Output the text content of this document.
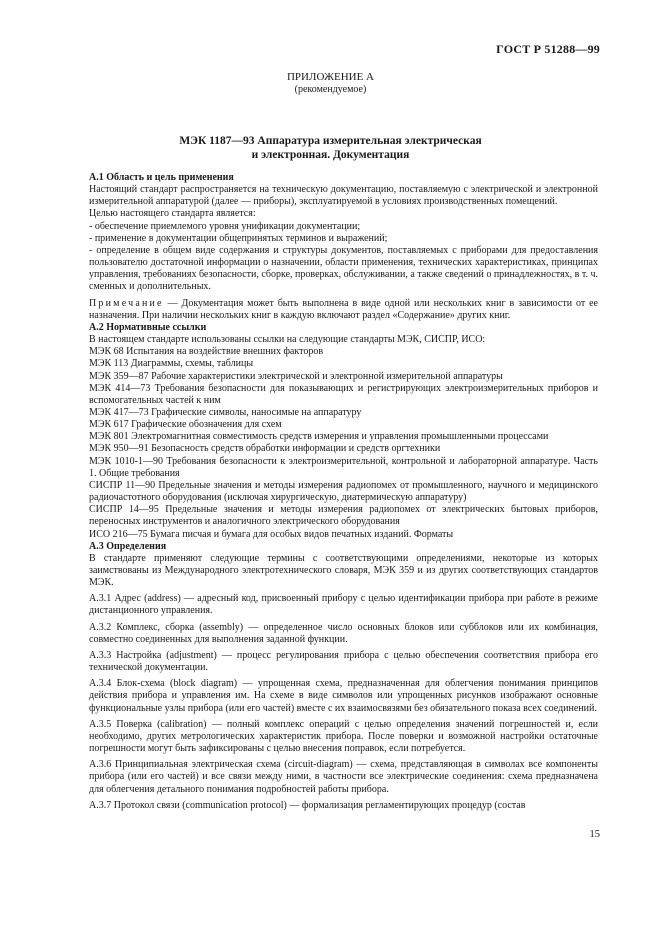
ГОСТ Р 51288—99
ПРИЛОЖЕНИЕ А
(рекомендуемое)
МЭК 1187—93 Аппаратура измерительная электрическая
и электронная. Документация

А.1 Область и цель применения

Настоящий стандарт распространяется на техническую документацию, поставляемую с электрической и электронной измерительной аппаратурой (далее — приборы), эксплуатируемой в условиях производственных помещений.

Целью настоящего стандарта является:

- обеспечение приемлемого уровня унификации документации;

- применение в документации общепринятых терминов и выражений;

- определение в общем виде содержания и структуры документов, поставляемых с приборами для предоставления пользователю достаточной информации о назначении, области применения, технических характеристиках, принципах управления, требованиях безопасности, сборке, проверках, обслуживании, а также сведений о принадлежностях, в т. ч. сменных и дополнительных.

Примечание — Документация может быть выполнена в виде одной или нескольких книг в зависимости от ее назначения. При наличии нескольких книг в каждую включают раздел «Содержание» других книг.

А.2 Нормативные ссылки

В настоящем стандарте использованы ссылки на следующие стандарты МЭК, СИСПР, ИСО:

МЭК 68 Испытания на воздействие внешних факторов

МЭК 113 Диаграммы, схемы, таблицы

МЭК 359—87 Рабочие характеристики электрической и электронной измерительной аппаратуры

МЭК 414—73 Требования безопасности для показывающих и регистрирующих электроизмерительных приборов и вспомогательных частей к ним

МЭК 417—73 Графические символы, наносимые на аппаратуру

МЭК 617 Графические обозначения для схем

МЭК 801 Электромагнитная совместимость средств измерения и управления промышленными процессами

МЭК 950—91 Безопасность средств обработки информации и средств оргтехники

МЭК 1010-1—90 Требования безопасности к электроизмерительной, контрольной и лабораторной аппаратуре. Часть 1. Общие требования

СИСПР 11—90 Предельные значения и методы измерения радиопомех от промышленного, научного и медицинского радиочастотного оборудования (исключая хирургическую, диатермическую аппаратуру)

СИСПР 14—95 Предельные значения и методы измерения радиопомех от электрических бытовых приборов, переносных инструментов и аналогичного электрического оборудования

ИСО 216—75 Бумага писчая и бумага для особых видов печатных изданий. Форматы

А.3 Определения

В стандарте применяют следующие термины с соответствующими определениями, некоторые из которых заимствованы из Международного электротехнического словаря, МЭК 359 и из других соответствующих стандартов МЭК.

А.3.1 Адрес (address) — адресный код, присвоенный прибору с целью идентификации прибора при работе в режиме дистанционного управления.

А.3.2 Комплекс, сборка (assembly) — определенное число основных блоков или субблоков или их комбинация, совместно соединенных для выполнения заданной функции.

А.3.3 Настройка (adjustment) — процесс регулирования прибора с целью обеспечения соответствия прибора его технической документации.

А.3.4 Блок-схема (block diagram) — упрощенная схема, предназначенная для облегчения понимания принципов действия прибора и управления им. На схеме в виде символов или упрощенных рисунков изображают основные функциональные узлы прибора (или его частей) вместе с их взаимосвязями без обязательного показа всех соединений.

А.3.5 Поверка (calibration) — полный комплекс операций с целью определения значений погрешностей и, если необходимо, других метрологических характеристик прибора. После поверки и возможной настройки остаточные погрешности могут быть зафиксированы с целью внесения поправок, если потребуется.

А.3.6 Принципиальная электрическая схема (circuit-diagram) — схема, представляющая в символах все компоненты прибора (или его частей) и все связи между ними, в частности все электрические соединения: схема предназначена для облегчения детального понимания подробностей работы прибора.

А.3.7 Протокол связи (communication protocol) — формализация регламентирующих процедур (состав

15
